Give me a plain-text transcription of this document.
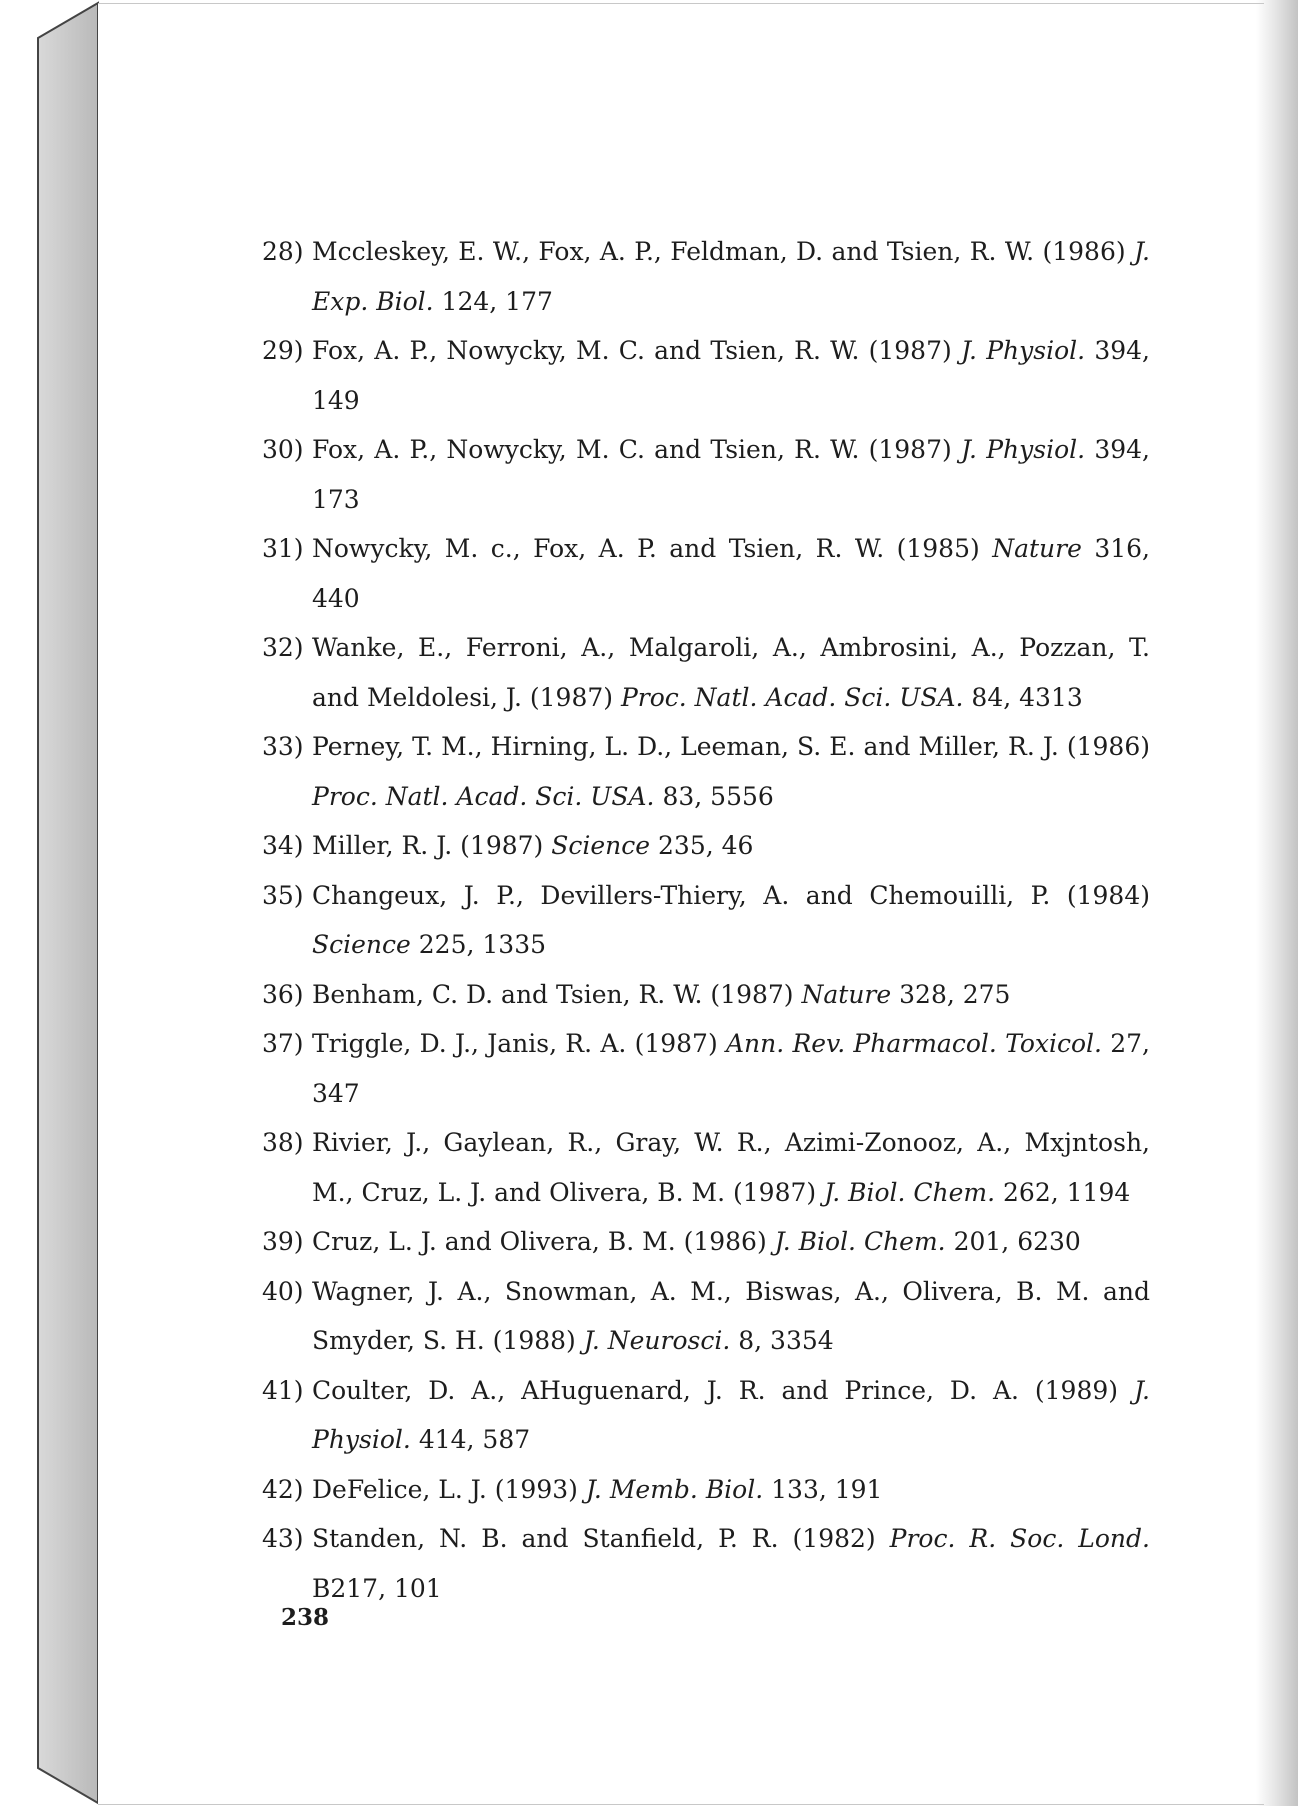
28) Mccleskey, E. W., Fox, A. P., Feldman, D. and Tsien, R. W. (1986) J. Exp. Biol. 124, 177
29) Fox, A. P., Nowycky, M. C. and Tsien, R. W. (1987) J. Physiol. 394, 149
30) Fox, A. P., Nowycky, M. C. and Tsien, R. W. (1987) J. Physiol. 394, 173
31) Nowycky, M. c., Fox, A. P. and Tsien, R. W. (1985) Nature 316, 440
32) Wanke, E., Ferroni, A., Malgaroli, A., Ambrosini, A., Pozzan, T. and Meldolesi, J. (1987) Proc. Natl. Acad. Sci. USA. 84, 4313
33) Perney, T. M., Hirning, L. D., Leeman, S. E. and Miller, R. J. (1986) Proc. Natl. Acad. Sci. USA. 83, 5556
34) Miller, R. J. (1987) Science 235, 46
35) Changeux, J. P., Devillers-Thiery, A. and Chemouilli, P. (1984) Science 225, 1335
36) Benham, C. D. and Tsien, R. W. (1987) Nature 328, 275
37) Triggle, D. J., Janis, R. A. (1987) Ann. Rev. Pharmacol. Toxicol. 27, 347
38) Rivier, J., Gaylean, R., Gray, W. R., Azimi-Zonooz, A., Mxjntosh, M., Cruz, L. J. and Olivera, B. M. (1987) J. Biol. Chem. 262, 1194
39) Cruz, L. J. and Olivera, B. M. (1986) J. Biol. Chem. 201, 6230
40) Wagner, J. A., Snowman, A. M., Biswas, A., Olivera, B. M. and Smyder, S. H. (1988) J. Neurosci. 8, 3354
41) Coulter, D. A., AHuguenard, J. R. and Prince, D. A. (1989) J. Physiol. 414, 587
42) DeFelice, L. J. (1993) J. Memb. Biol. 133, 191
43) Standen, N. B. and Stanfield, P. R. (1982) Proc. R. Soc. Lond. B217, 101
238
